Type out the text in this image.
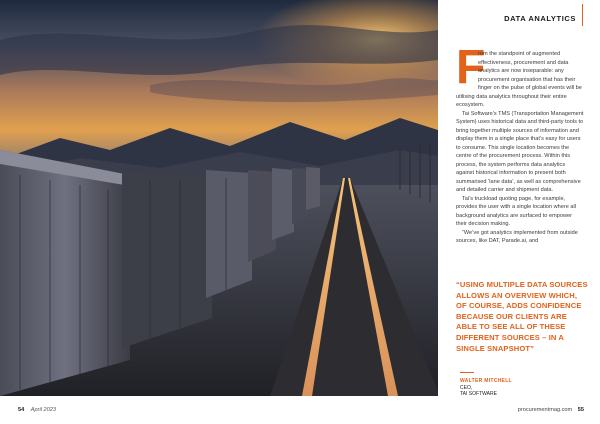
DATA ANALYTICS
F

rom the standpoint of augmented effectiveness, procurement and data analytics are now inseparable: any procurement organisation that has their finger on the pulse of global events will be utilising data analytics throughout their entire ecosystem.

Tai Software’s TMS (Transportation Management System) uses historical data and third-party tools to bring together multiple sources of information and display them in a single place that’s easy for users to consume. This single location becomes the centre of the procurement process. Within this process, the system performs data analytics against historical information to present both summarised ‘lane data’, as well as comprehensive and detailed carrier and shipment data.

Tai’s truckload quoting page, for example, provides the user with a single location where all background analytics are surfaced to empower their decision making.

“We’ve got analytics implemented from outside sources, like DAT, Parade.ai, and

“USING MULTIPLE DATA SOURCES ALLOWS AN OVERVIEW WHICH, OF COURSE, ADDS CONFIDENCE BECAUSE OUR CLIENTS ARE ABLE TO SEE ALL OF THESE DIFFERENT SOURCES – IN A SINGLE SNAPSHOT”
WALTER MITCHELL
CEO,
TAI SOFTWARE
54 April 2023	procurementmag.com 55
